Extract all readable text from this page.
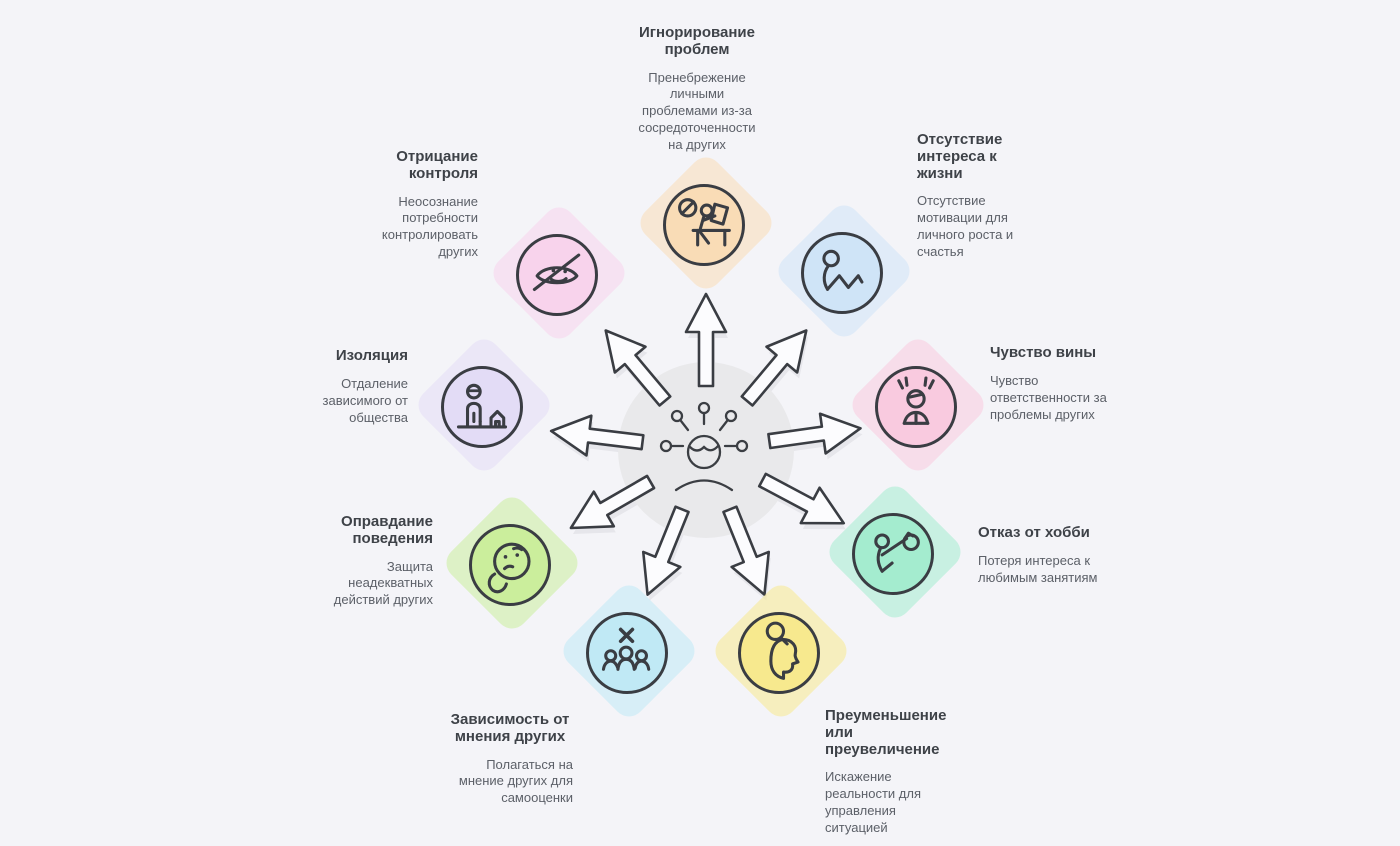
Игнорирование проблем
Пренебрежение личными проблемами из-за сосредоточенности на других	Отсутствие интереса к жизни
Отсутствие мотивации для личного роста и счастья
Чувство вины
Чувство ответственности за проблемы других
Отказ от хобби
Потеря интереса к любимым занятиям
Преуменьшение или преувеличение
Искажение реальности для управления ситуацией
Зависимость от мнения других
Полагаться на мнение других для самооценки
Оправдание поведения
Защита неадекватных действий других
Изоляция
Отдаление зависимого от общества
Отрицание контроля
Неосознание потребности контролировать других
